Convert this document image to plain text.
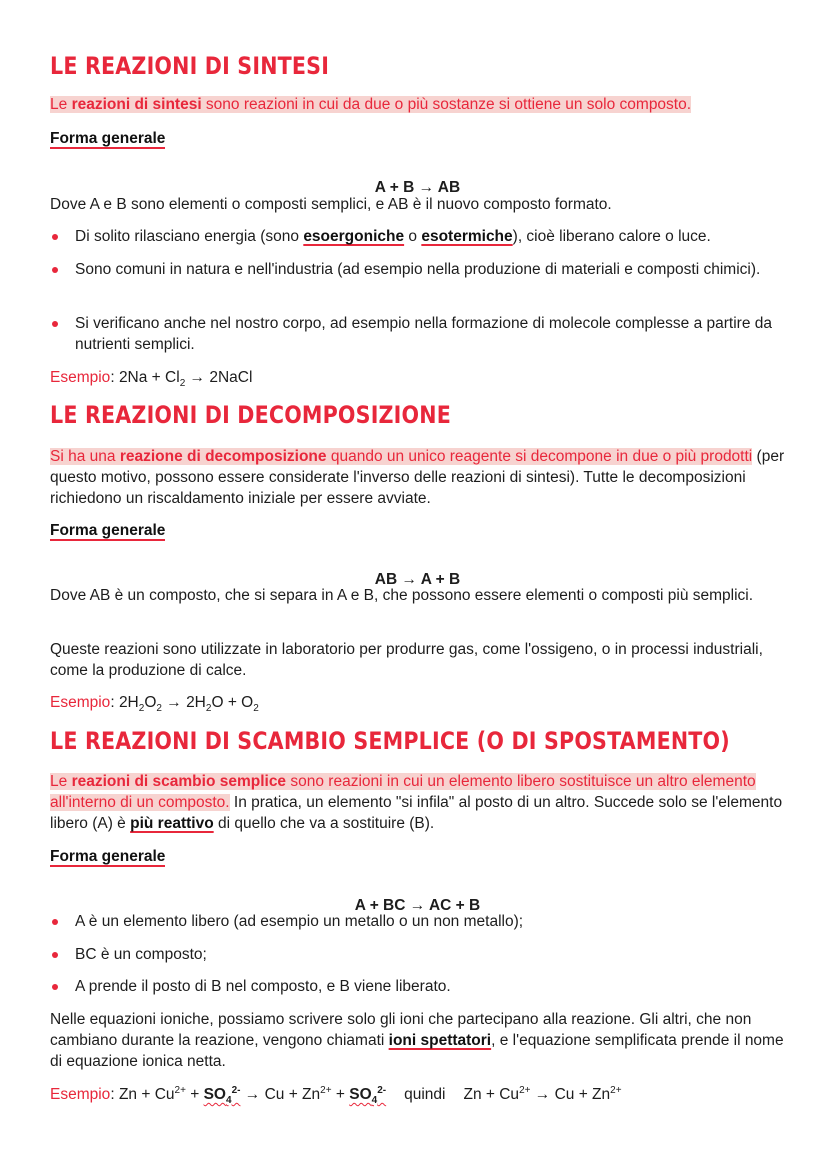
LE REAZIONI DI SINTESI

Le reazioni di sintesi sono reazioni in cui da due o più sostanze si ottiene un solo composto.

Forma generale

A + B → AB

Dove A e B sono elementi o composti semplici, e AB è il nuovo composto formato.

Di solito rilasciano energia (sono esoergoniche o esotermiche), cioè liberano calore o luce.
Sono comuni in natura e nell'industria (ad esempio nella produzione di materiali e composti chimici).
Si verificano anche nel nostro corpo, ad esempio nella formazione di molecole complesse a partire da nutrienti semplici.

Esempio: $2Na + Cl_2$ → 2NaCl

LE REAZIONI DI DECOMPOSIZIONE

Si ha una reazione di decomposizione quando un unico reagente si decompone in due o più prodotti (per questo motivo, possono essere considerate l'inverso delle reazioni di sintesi). Tutte le decomposizioni richiedono un riscaldamento iniziale per essere avviate.

Forma generale

AB → A + B

Dove AB è un composto, che si separa in A e B, che possono essere elementi o composti più semplici.

Queste reazioni sono utilizzate in laboratorio per produrre gas, come l'ossigeno, o in processi industriali, come la produzione di calce.

Esempio: $2H_2O_2 \to 2H_2O + O_2$

LE REAZIONI DI SCAMBIO SEMPLICE (O DI SPOSTAMENTO)

Le reazioni di scambio semplice sono reazioni in cui un elemento libero sostituisce un altro elemento all'interno di un composto. In pratica, un elemento "si infila" al posto di un altro. Succede solo se l'elemento libero (A) è più reattivo di quello che va a sostituire (B).

Forma generale

A + BC → AC + B

A è un elemento libero (ad esempio un metallo o un non metallo);
BC è un composto;
A prende il posto di B nel composto, e B viene liberato.

Nelle equazioni ioniche, possiamo scrivere solo gli ioni che partecipano alla reazione. Gli altri, che non cambiano durante la reazione, vengono chiamati ioni spettatori, e l'equazione semplificata prende il nome di equazione ionica netta.

Esempio: $Zn + Cu^{2+} + SO_4^{2-} \to Cu + Zn^{2+} + SO_4^{2-}$ quindi $Zn + Cu^{2+} \to Cu + Zn^{2+}$
